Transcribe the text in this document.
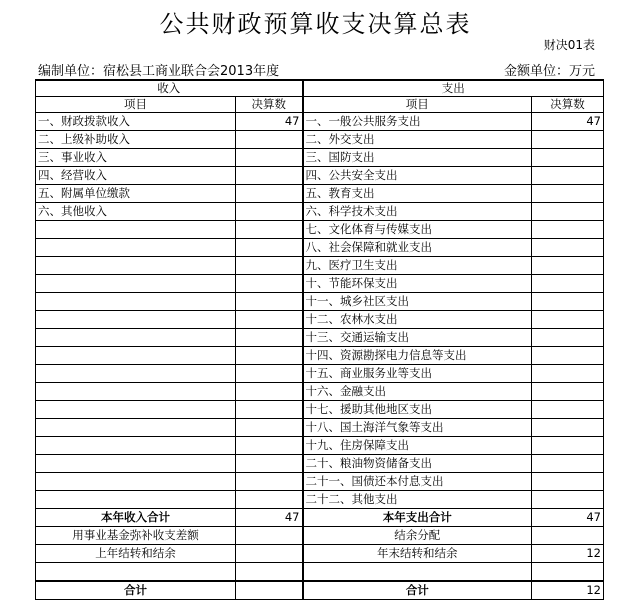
公共财政预算收支决算总表
财决01表
编制单位：宿松县工商业联合会2013年度	金额单位：万元
收入		支出	
项目	决算数	项目	决算数
一、财政拨款收入	47	一、一般公共服务支出	47
二、上级补助收入		二、外交支出	
三、事业收入		三、国防支出	
四、经营收入		四、公共安全支出	
五、附属单位缴款		五、教育支出	
六、其他收入		六、科学技术支出	
		七、文化体育与传媒支出	
		八、社会保障和就业支出	
		九、医疗卫生支出	
		十、节能环保支出	
		十一、城乡社区支出	
		十二、农林水支出	
		十三、交通运输支出	
		十四、资源勘探电力信息等支出	
		十五、商业服务业等支出	
		十六、金融支出	
		十七、援助其他地区支出	
		十八、国土海洋气象等支出	
		十九、住房保障支出	
		二十、粮油物资储备支出	
		二十一、国债还本付息支出	
		二十二、其他支出	
本年收入合计	47	本年支出合计	47
用事业基金弥补收支差额		结余分配	
上年结转和结余		年末结转和结余	12

合计		合计	12
